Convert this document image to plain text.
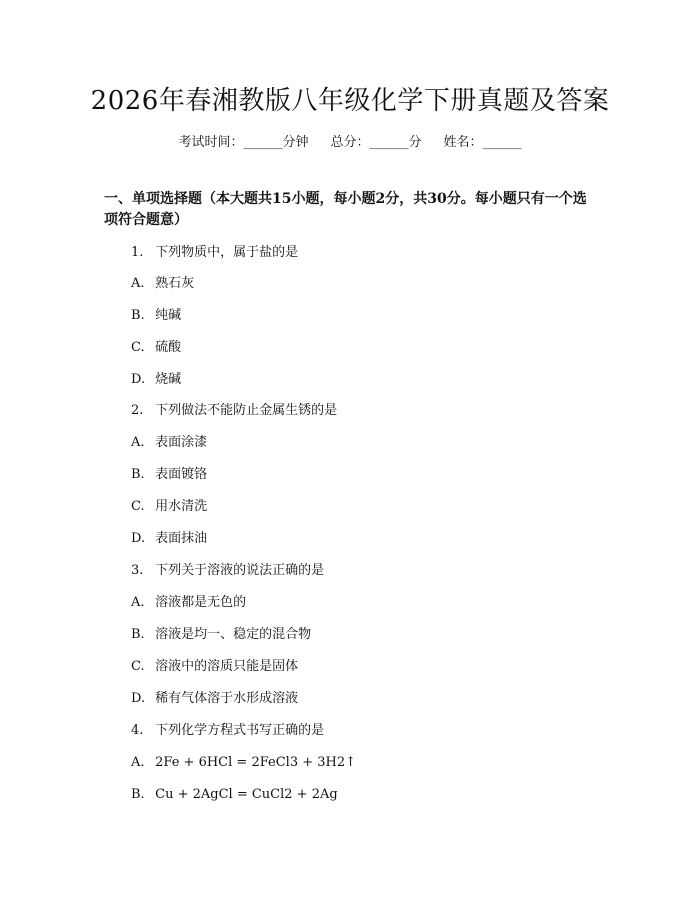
2026年春湘教版八年级化学下册真题及答案
考试时间：______分钟 总分：______分 姓名：______
一、单项选择题（本大题共15小题，每小题2分，共30分。每小题只有一个选项符合题意）
1. 下列物质中，属于盐的是
A. 熟石灰
B. 纯碱
C. 硫酸
D. 烧碱
2. 下列做法不能防止金属生锈的是
A. 表面涂漆
B. 表面镀铬
C. 用水清洗
D. 表面抹油
3. 下列关于溶液的说法正确的是
A. 溶液都是无色的
B. 溶液是均一、稳定的混合物
C. 溶液中的溶质只能是固体
D. 稀有气体溶于水形成溶液
4. 下列化学方程式书写正确的是
A. 2Fe + 6HCl = 2FeCl3 + 3H2↑
B. Cu + 2AgCl = CuCl2 + 2Ag
